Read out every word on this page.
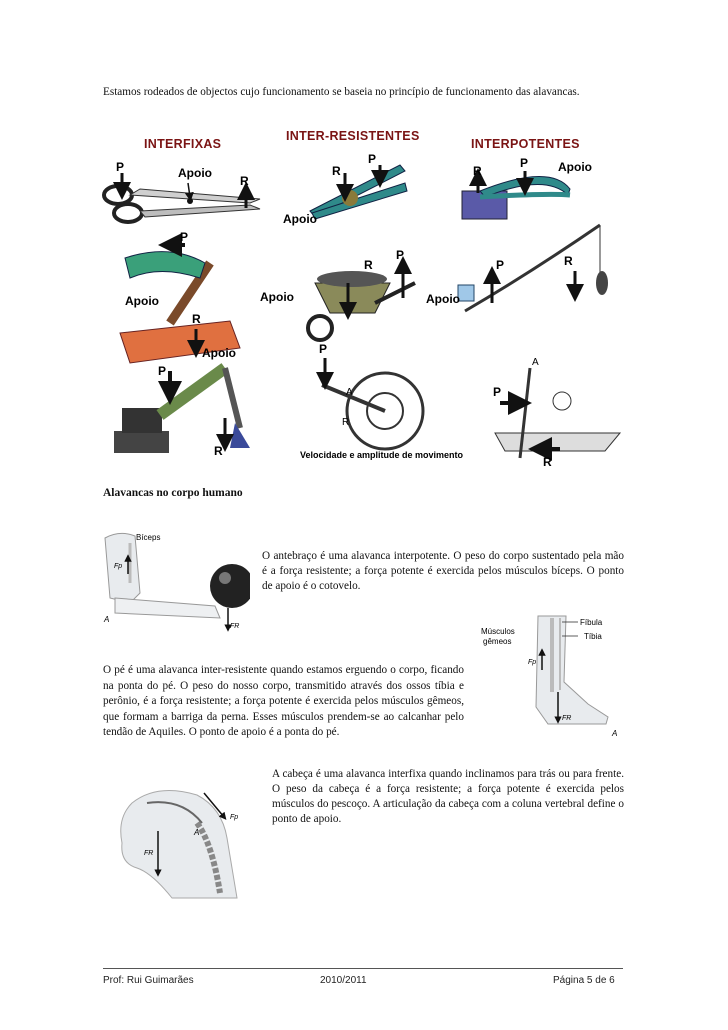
Estamos rodeados de objectos cujo funcionamento se baseia no princípio de funcionamento das alavancas.
INTERFIXAS
INTER-RESISTENTES
INTERPOTENTES
P	Apoio
R
P
R
Apoio
R
P Apoio
P
Apoio
R
P
R
Apoio
P	R
Apoio
P
Apoio
R
P
A
R
Velocidade e amplitude de movimento
P
A
R
Alavancas no corpo humano
Bíceps
Fp
FR
A
O antebraço é uma alavanca interpotente. O peso do corpo sustentado pela mão é a força resistente; a força potente é exercida pelos músculos bíceps. O ponto de apoio é o cotovelo.
Fíbula
Tíbia
Músculos
gêmeos
Fp
FR
A
O pé é uma alavanca inter-resistente quando estamos erguendo o corpo, ficando na ponta do pé. O peso do nosso corpo, transmitido através dos ossos tíbia e perônio, é a força resistente; a força potente é exercida pelos músculos gêmeos, que formam a barriga da perna. Esses músculos prendem-se ao calcanhar pelo tendão de Aquiles. O ponto de apoio é a ponta do pé.
Fp
FR
A
A cabeça é uma alavanca interfixa quando inclinamos para trás ou para frente. O peso da cabeça é a força resistente; a força potente é exercida pelos músculos do pescoço. A articulação da cabeça com a coluna vertebral define o ponto de apoio.
Prof: Rui Guimarães	2010/2011	Página 5 de 6
